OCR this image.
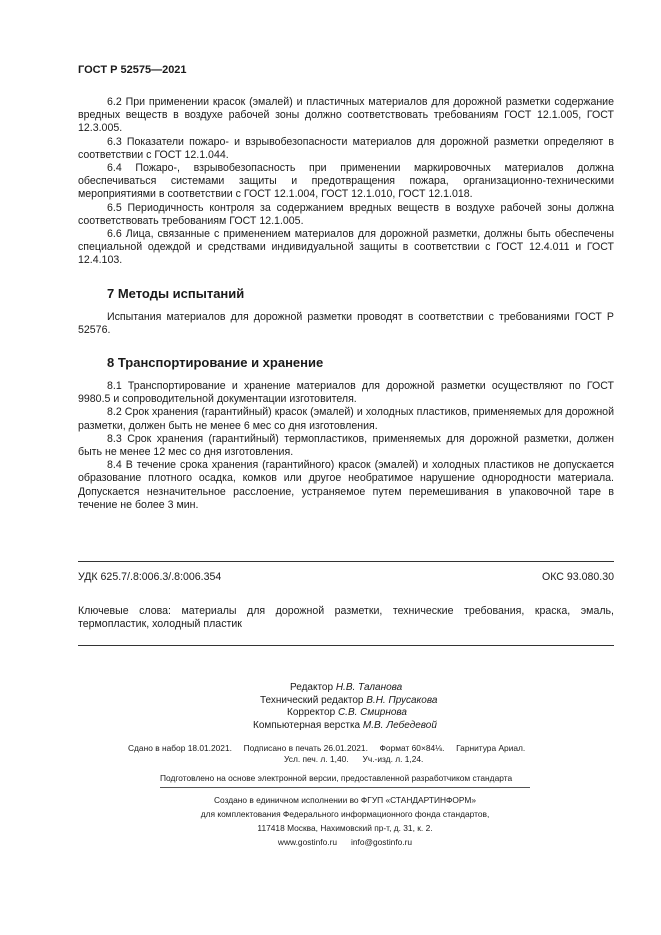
ГОСТ Р 52575—2021

6.2 При применении красок (эмалей) и пластичных материалов для дорожной разметки содержание вредных веществ в воздухе рабочей зоны должно соответствовать требованиям ГОСТ 12.1.005, ГОСТ 12.3.005.

6.3 Показатели пожаро- и взрывобезопасности материалов для дорожной разметки определяют в соответствии с ГОСТ 12.1.044.

6.4 Пожаро-, взрывобезопасность при применении маркировочных материалов должна обеспечиваться системами защиты и предотвращения пожара, организационно-техническими мероприятиями в соответствии с ГОСТ 12.1.004, ГОСТ 12.1.010, ГОСТ 12.1.018.

6.5 Периодичность контроля за содержанием вредных веществ в воздухе рабочей зоны должна соответствовать требованиям ГОСТ 12.1.005.

6.6 Лица, связанные с применением материалов для дорожной разметки, должны быть обеспечены специальной одеждой и средствами индивидуальной защиты в соответствии с ГОСТ 12.4.011 и ГОСТ 12.4.103.

7 Методы испытаний

Испытания материалов для дорожной разметки проводят в соответствии с требованиями ГОСТ Р 52576.

8 Транспортирование и хранение

8.1 Транспортирование и хранение материалов для дорожной разметки осуществляют по ГОСТ 9980.5 и сопроводительной документации изготовителя.

8.2 Срок хранения (гарантийный) красок (эмалей) и холодных пластиков, применяемых для дорожной разметки, должен быть не менее 6 мес со дня изготовления.

8.3 Срок хранения (гарантийный) термопластиков, применяемых для дорожной разметки, должен быть не менее 12 мес со дня изготовления.

8.4 В течение срока хранения (гарантийного) красок (эмалей) и холодных пластиков не допускается образование плотного осадка, комков или другое необратимое нарушение однородности материала. Допускается незначительное расслоение, устраняемое путем перемешивания в упаковочной таре в течение не более 3 мин.

УДК 625.7/.8:006.3/.8:006.354	ОКС 93.080.30
Ключевые слова: материалы для дорожной разметки, технические требования, краска, эмаль, термопластик, холодный пластик
Редактор Н.В. Таланова
Технический редактор В.Н. Прусакова
Корректор С.В. Смирнова
Компьютерная верстка М.В. Лебедевой
Сдано в набор 18.01.2021.     Подписано в печать 26.01.2021.     Формат 60×84⅛.     Гарнитура Ариал.
Усл. печ. л. 1,40.      Уч.-изд. л. 1,24.
Подготовлено на основе электронной версии, предоставленной разработчиком стандарта
Создано в единичном исполнении во ФГУП «СТАНДАРТИНФОРМ»
для комплектования Федерального информационного фонда стандартов,
117418 Москва, Нахимовский пр-т, д. 31, к. 2.
www.gostinfo.ru      info@gostinfo.ru
